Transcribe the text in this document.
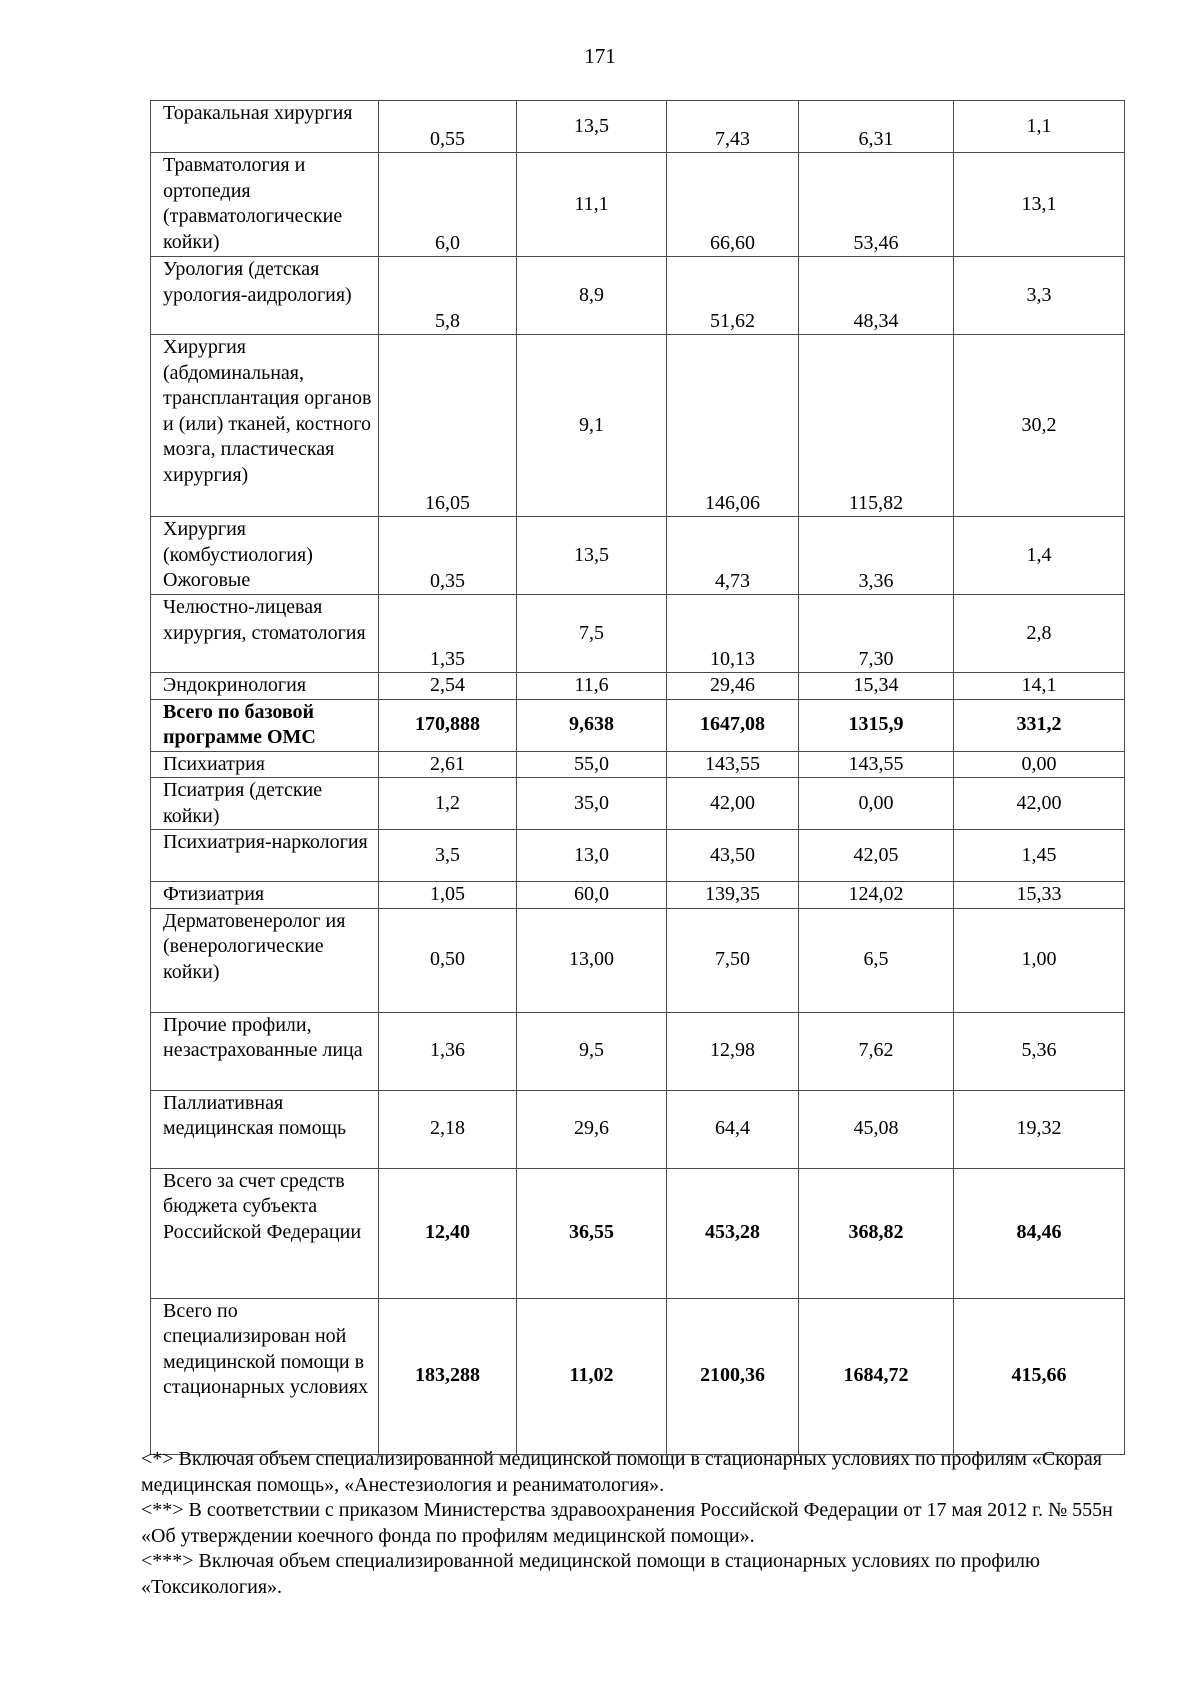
171
Торакальная хирургия	0,55	13,5	7,43	6,31	1,1
Травматология и ортопедия (травматологические койки)	6,0	11,1	66,60	53,46	13,1
Урология (детская урология-аидрология)	5,8	8,9	51,62	48,34	3,3
Хирургия (абдоминальная, трансплантация органов и (или) тканей, костного мозга, пластическая хирургия)	16,05	9,1	146,06	115,82	30,2
Хирургия (комбустиология) Ожоговые	0,35	13,5	4,73	3,36	1,4
Челюстно-лицевая хирургия, стоматология	1,35	7,5	10,13	7,30	2,8
Эндокринология	2,54	11,6	29,46	15,34	14,1
Всего по базовой программе ОМС	170,888	9,638	1647,08	1315,9	331,2
Психиатрия	2,61	55,0	143,55	143,55	0,00
Псиатрия (детские койки)	1,2	35,0	42,00	0,00	42,00
Психиатрия-наркология	3,5	13,0	43,50	42,05	1,45
Фтизиатрия	1,05	60,0	139,35	124,02	15,33
Дерматовенеролог ия (венерологические койки)	0,50	13,00	7,50	6,5	1,00
Прочие профили, незастрахованные лица	1,36	9,5	12,98	7,62	5,36
Паллиативная медицинская помощь	2,18	29,6	64,4	45,08	19,32
Всего за счет средств бюджета субъекта Российской Федерации	12,40	36,55	453,28	368,82	84,46
Всего по специализирован ной медицинской помощи в стационарных условиях	183,288	11,02	2100,36	1684,72	415,66

<*> Включая объем специализированной медицинской помощи в стационарных условиях по профилям «Скорая медицинская помощь», «Анестезиология и реаниматология».

<**> В соответствии с приказом Министерства здравоохранения Российской Федерации от 17 мая 2012 г. № 555н «Об утверждении коечного фонда по профилям медицинской помощи».

<***> Включая объем специализированной медицинской помощи в стационарных условиях по профилю «Токсикология».
